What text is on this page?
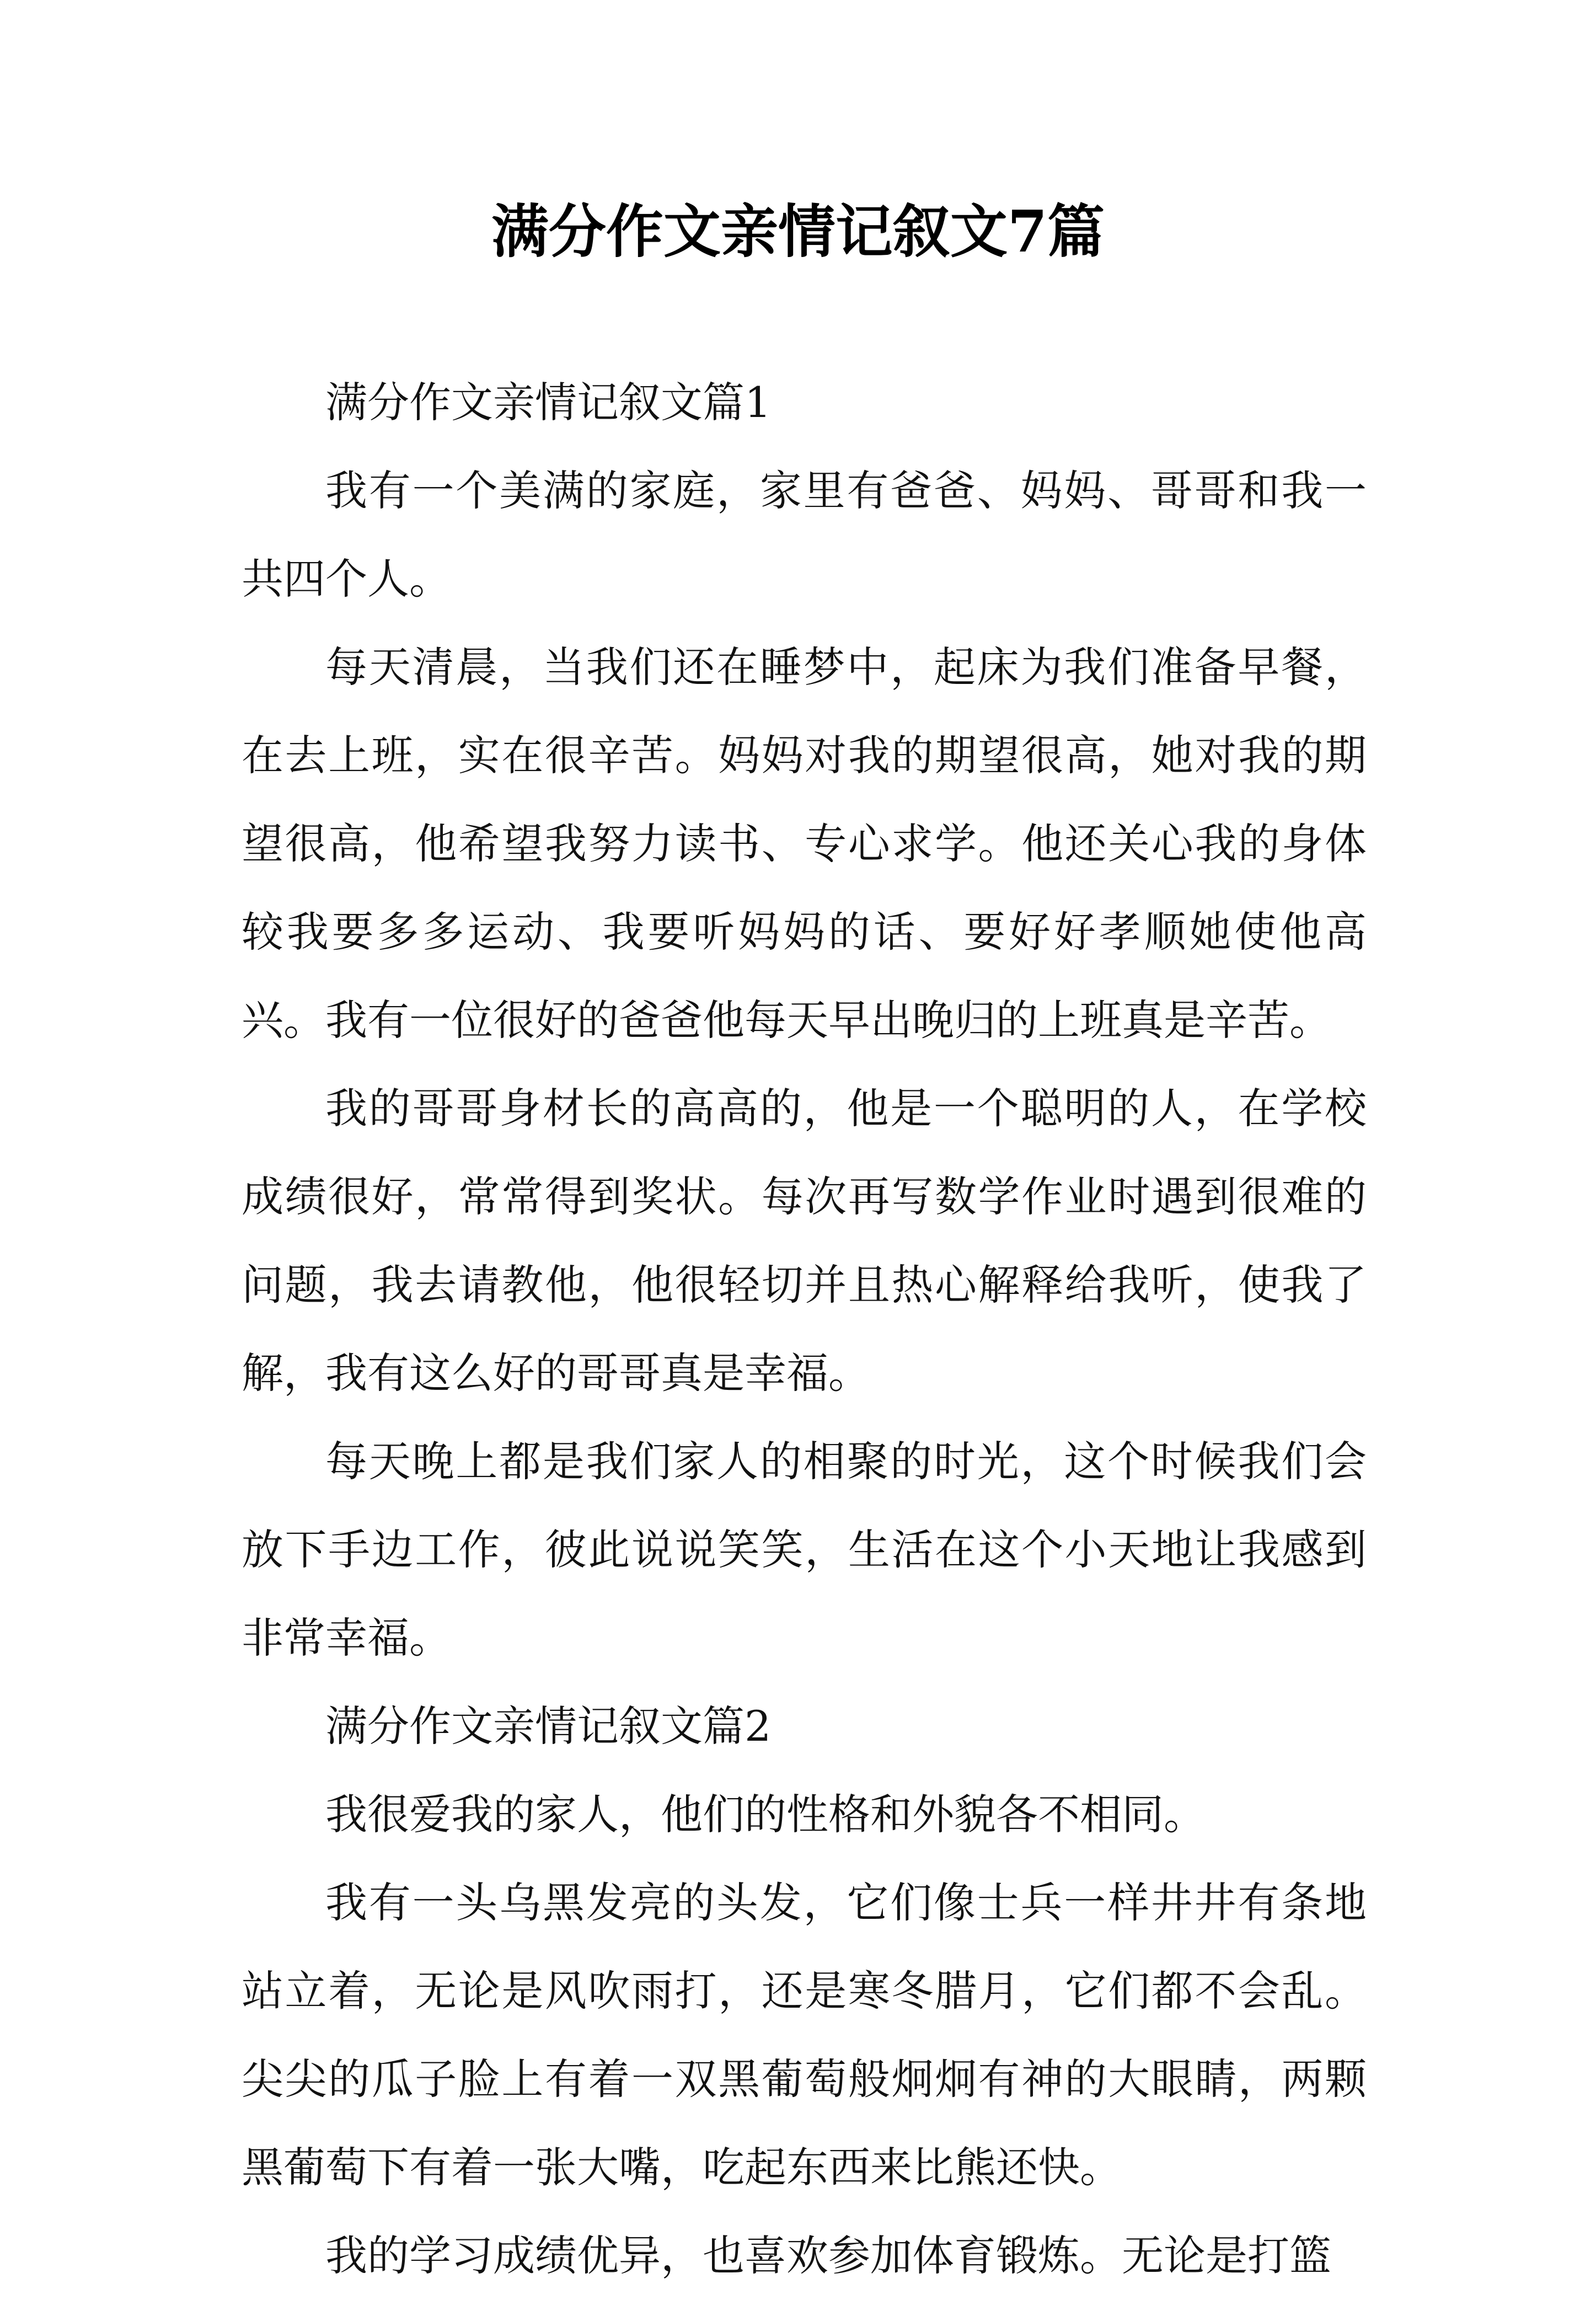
满分作文亲情记叙文7篇

满分作文亲情记叙文篇1

我有一个美满的家庭，家里有爸爸、妈妈、哥哥和我一共四个人。

每天清晨，当我们还在睡梦中，起床为我们准备早餐，在去上班，实在很辛苦。妈妈对我的期望很高，她对我的期望很高，他希望我努力读书、专心求学。他还关心我的身体较我要多多运动、我要听妈妈的话、要好好孝顺她使他高兴。我有一位很好的爸爸他每天早出晚归的上班真是辛苦。

我的哥哥身材长的高高的，他是一个聪明的人，在学校成绩很好，常常得到奖状。每次再写数学作业时遇到很难的问题，我去请教他，他很轻切并且热心解释给我听，使我了解，我有这么好的哥哥真是幸福。

每天晚上都是我们家人的相聚的时光，这个时候我们会放下手边工作，彼此说说笑笑，生活在这个小天地让我感到非常幸福。

满分作文亲情记叙文篇2

我很爱我的家人，他们的性格和外貌各不相同。

我有一头乌黑发亮的头发，它们像士兵一样井井有条地站立着，无论是风吹雨打，还是寒冬腊月，它们都不会乱。尖尖的瓜子脸上有着一双黑葡萄般炯炯有神的大眼睛，两颗黑葡萄下有着一张大嘴，吃起东西来比熊还快。

我的学习成绩优异，也喜欢参加体育锻炼。无论是打篮
